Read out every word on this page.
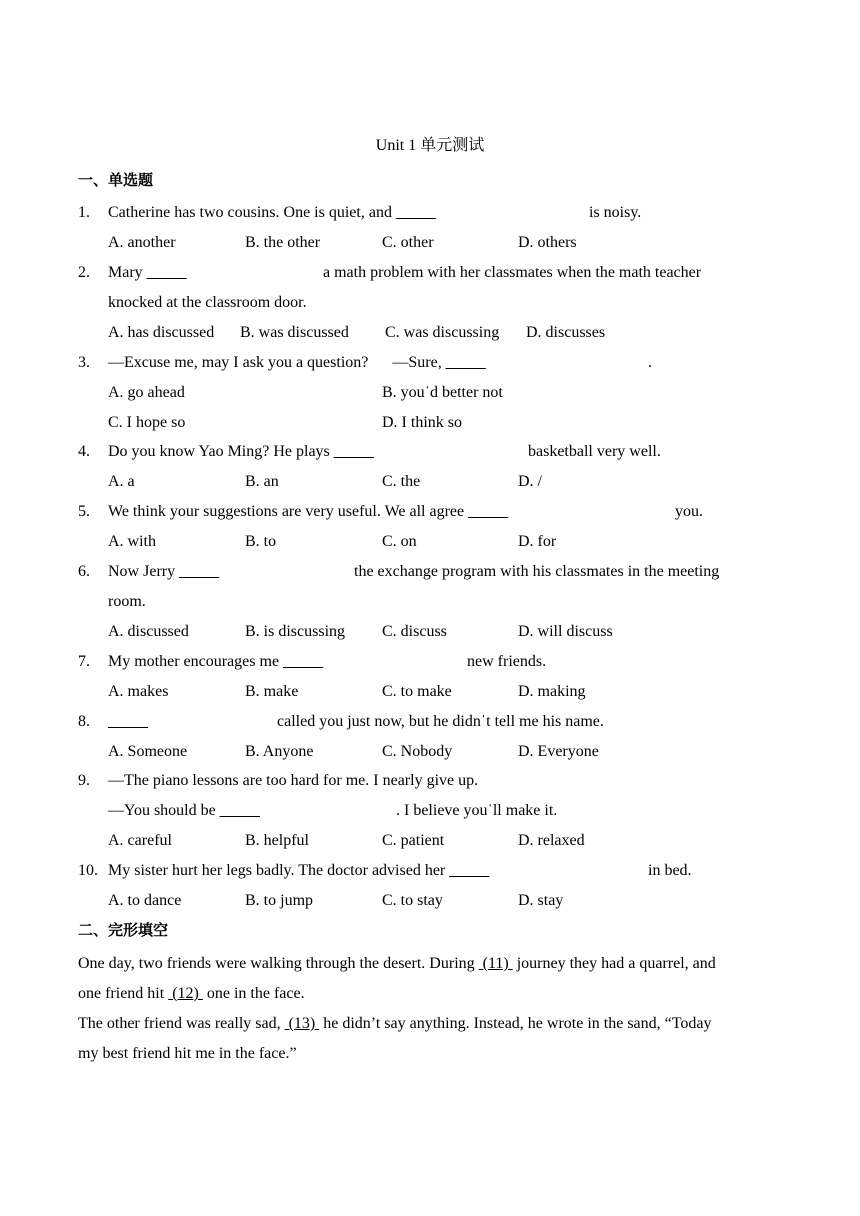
Unit 1 单元测试
一、单选题
1. Catherine has two cousins. One is quiet, and _____	is noisy.
A. another	B. the other	C. other	D. others
2. Mary _____	a math problem with her classmates when the math teacher
knocked at the classroom door.
A. has discussed B. was discussed C. was discussing D. discusses
3. —Excuse me, may I ask you a question?      —Sure, _____	.
A. go ahead	B. youˈd better not
C. I hope so	D. I think so
4. Do you know Yao Ming? He plays _____	basketball very well.
A. a	B. an	C. the	D. /
5. We think your suggestions are very useful. We all agree _____	you.
A. with	B. to	C. on	D. for
6. Now Jerry _____	the exchange program with his classmates in the meeting
room.
A. discussed	B. is discussing C. discuss	D. will discuss
7. My mother encourages me _____	new friends.
A. makes	B. make	C. to make	D. making
8. _____	called you just now, but he didnˈt tell me his name.
A. Someone	B. Anyone	C. Nobody	D. Everyone
9. —The piano lessons are too hard for me. I nearly give up.
—You should be _____	. I believe youˈll make it.
A. careful	B. helpful	C. patient	D. relaxed
10. My sister hurt her legs badly. The doctor advised her _____	in bed.
A. to dance	B. to jump	C. to stay	D. stay
二、完形填空
One day, two friends were walking through the desert. During  (11)  journey they had a quarrel, and
one friend hit  (12)  one in the face.
The other friend was really sad,  (13)  he didn’t say anything. Instead, he wrote in the sand, “Today
my best friend hit me in the face.”
